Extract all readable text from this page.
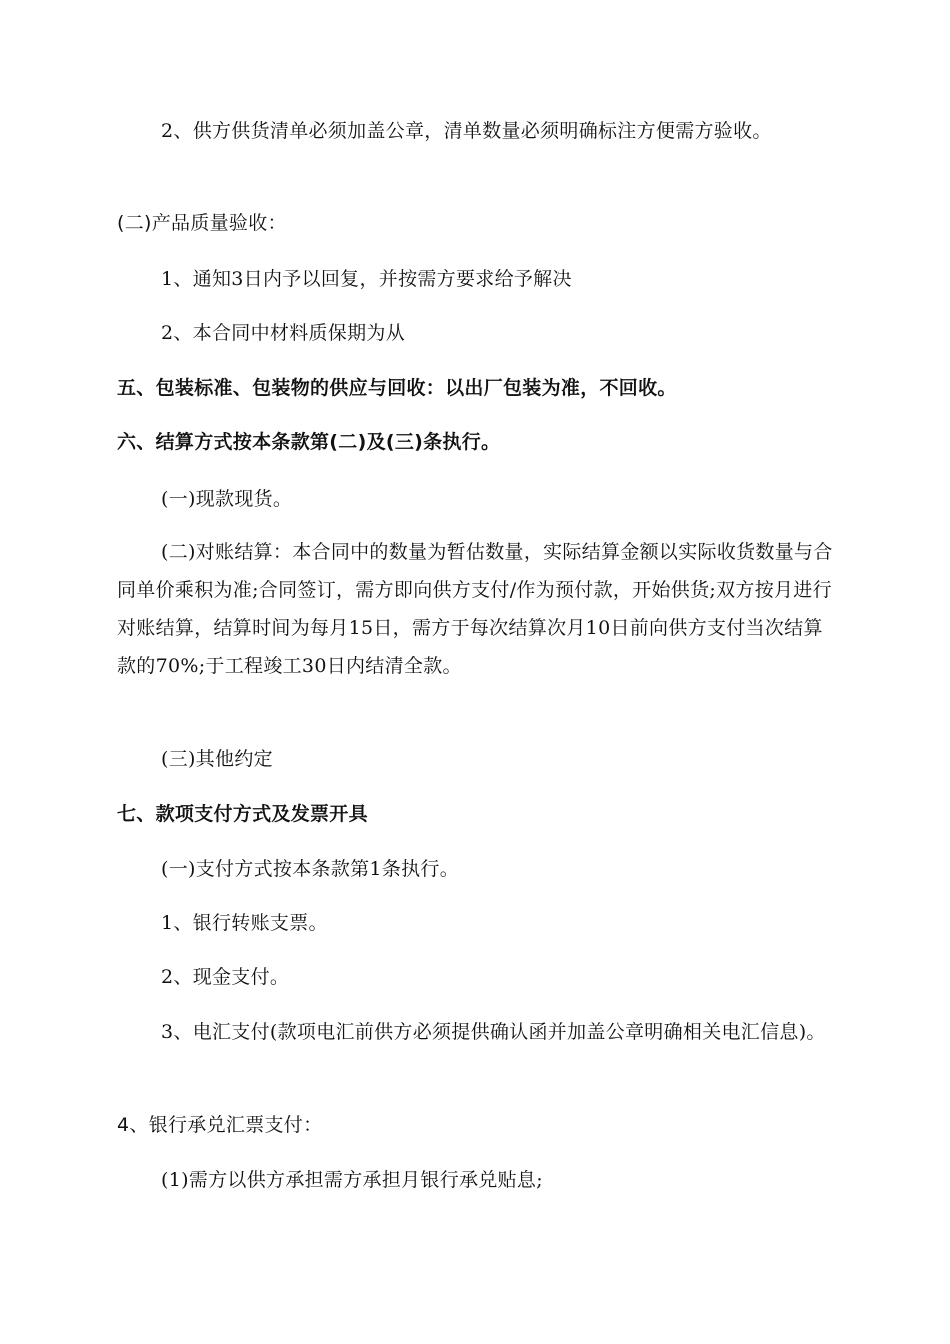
2、供方供货清单必须加盖公章，清单数量必须明确标注方便需方验收。

(二)产品质量验收：

1、通知3日内予以回复，并按需方要求给予解决

2、本合同中材料质保期为从

五、包装标准、包装物的供应与回收：以出厂包装为准，不回收。

六、结算方式按本条款第(二)及(三)条执行。

(一)现款现货。

(二)对账结算：本合同中的数量为暂估数量，实际结算金额以实际收货数量与合同单价乘积为准;合同签订，需方即向供方支付/作为预付款，开始供货;双方按月进行对账结算，结算时间为每月15日，需方于每次结算次月10日前向供方支付当次结算款的70%;于工程竣工30日内结清全款。

(三)其他约定

七、款项支付方式及发票开具

(一)支付方式按本条款第1条执行。

1、银行转账支票。

2、现金支付。

3、电汇支付(款项电汇前供方必须提供确认函并加盖公章明确相关电汇信息)。

4、银行承兑汇票支付：

(1)需方以供方承担需方承担月银行承兑贴息;
